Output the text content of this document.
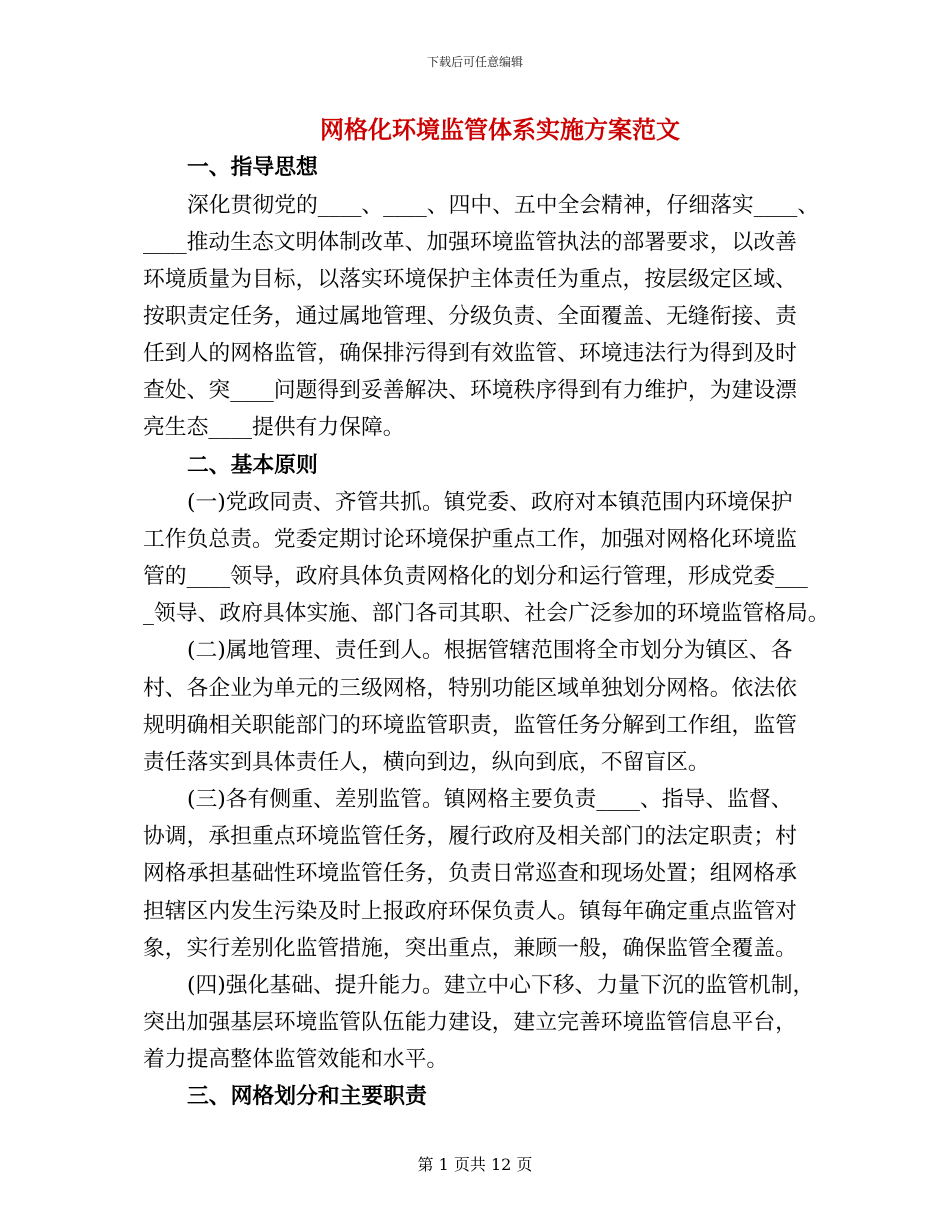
下载后可任意编辑
网格化环境监管体系实施方案范文
一、指导思想
深化贯彻党的____、____、四中、五中全会精神，仔细落实____、
____推动生态文明体制改革、加强环境监管执法的部署要求，以改善
环境质量为目标，以落实环境保护主体责任为重点，按层级定区域、
按职责定任务，通过属地管理、分级负责、全面覆盖、无缝衔接、责
任到人的网格监管，确保排污得到有效监管、环境违法行为得到及时
查处、突____问题得到妥善解决、环境秩序得到有力维护，为建设漂
亮生态____提供有力保障。
二、基本原则
(一)党政同责、齐管共抓。镇党委、政府对本镇范围内环境保护
工作负总责。党委定期讨论环境保护重点工作，加强对网格化环境监
管的____领导，政府具体负责网格化的划分和运行管理，形成党委___
_领导、政府具体实施、部门各司其职、社会广泛参加的环境监管格局。
(二)属地管理、责任到人。根据管辖范围将全市划分为镇区、各
村、各企业为单元的三级网格，特别功能区域单独划分网格。依法依
规明确相关职能部门的环境监管职责，监管任务分解到工作组，监管
责任落实到具体责任人，横向到边，纵向到底，不留盲区。
(三)各有侧重、差别监管。镇网格主要负责____、指导、监督、
协调，承担重点环境监管任务，履行政府及相关部门的法定职责；村
网格承担基础性环境监管任务，负责日常巡查和现场处置；组网格承
担辖区内发生污染及时上报政府环保负责人。镇每年确定重点监管对
象，实行差别化监管措施，突出重点，兼顾一般，确保监管全覆盖。
(四)强化基础、提升能力。建立中心下移、力量下沉的监管机制，
突出加强基层环境监管队伍能力建设，建立完善环境监管信息平台，
着力提高整体监管效能和水平。
三、网格划分和主要职责
第 1 页共 12 页
